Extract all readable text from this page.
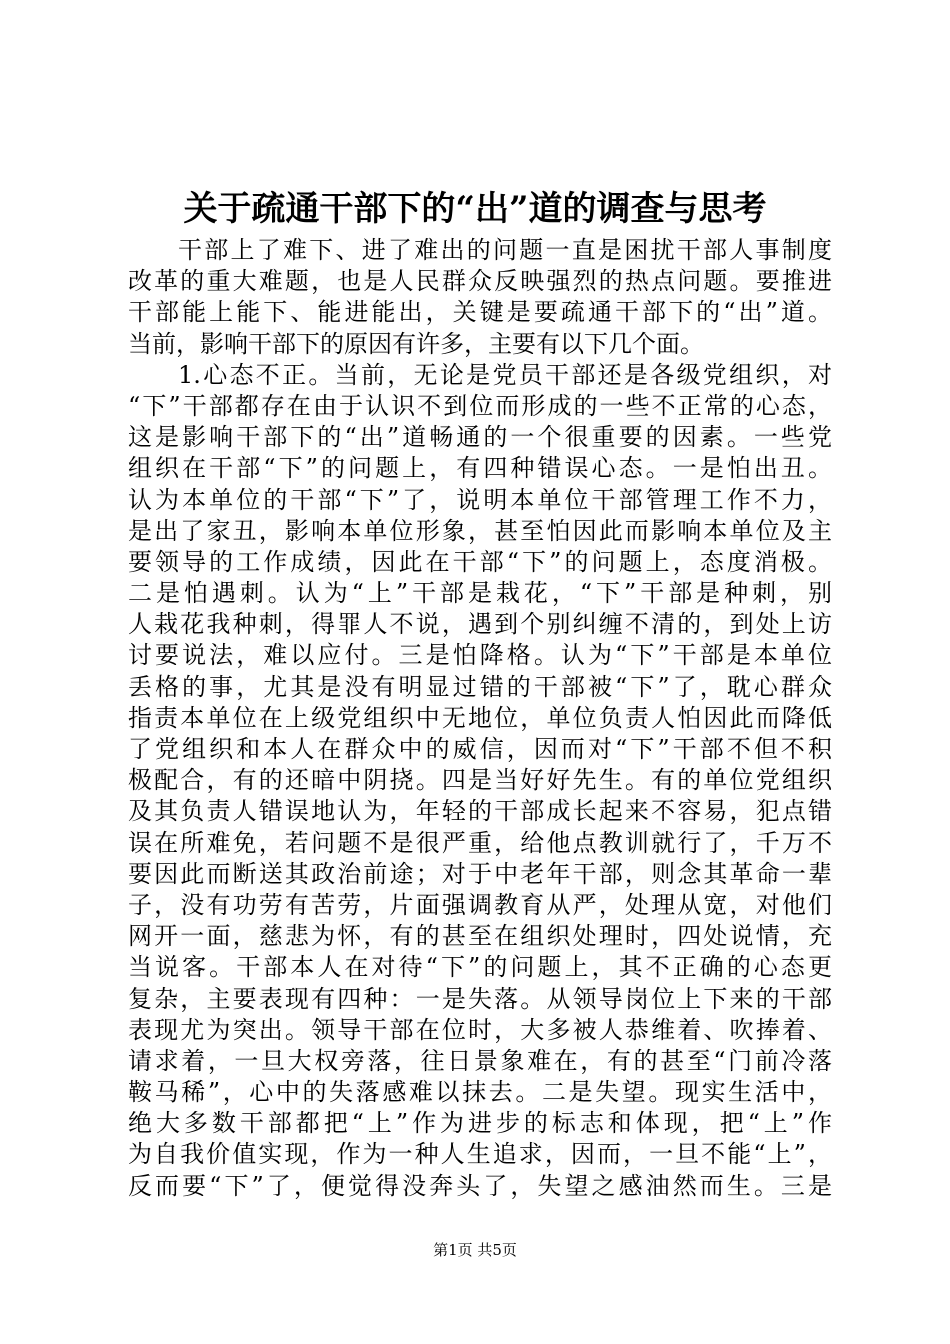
关于疏通干部下的“出”道的调查与思考
干部上了难下、进了难出的问题一直是困扰干部人事制度
改革的重大难题，也是人民群众反映强烈的热点问题。要推进
干部能上能下、能进能出，关键是要疏通干部下的“出”道。
当前，影响干部下的原因有许多，主要有以下几个面。
1.心态不正。当前，无论是党员干部还是各级党组织，对
“下”干部都存在由于认识不到位而形成的一些不正常的心态，
这是影响干部下的“出”道畅通的一个很重要的因素。一些党
组织在干部“下”的问题上，有四种错误心态。一是怕出丑。
认为本单位的干部“下”了，说明本单位干部管理工作不力，
是出了家丑，影响本单位形象，甚至怕因此而影响本单位及主
要领导的工作成绩，因此在干部“下”的问题上，态度消极。
二是怕遇刺。认为“上”干部是栽花，“下”干部是种刺，别
人栽花我种刺，得罪人不说，遇到个别纠缠不清的，到处上访
讨要说法，难以应付。三是怕降格。认为“下”干部是本单位
丢格的事，尤其是没有明显过错的干部被“下”了，耽心群众
指责本单位在上级党组织中无地位，单位负责人怕因此而降低
了党组织和本人在群众中的威信，因而对“下”干部不但不积
极配合，有的还暗中阴挠。四是当好好先生。有的单位党组织
及其负责人错误地认为，年轻的干部成长起来不容易，犯点错
误在所难免，若问题不是很严重，给他点教训就行了，千万不
要因此而断送其政治前途；对于中老年干部，则念其革命一辈
子，没有功劳有苦劳，片面强调教育从严，处理从宽，对他们
网开一面，慈悲为怀，有的甚至在组织处理时，四处说情，充
当说客。干部本人在对待“下”的问题上，其不正确的心态更
复杂，主要表现有四种：一是失落。从领导岗位上下来的干部
表现尤为突出。领导干部在位时，大多被人恭维着、吹捧着、
请求着，一旦大权旁落，往日景象难在，有的甚至“门前冷落
鞍马稀”，心中的失落感难以抹去。二是失望。现实生活中，
绝大多数干部都把“上”作为进步的标志和体现，把“上”作
为自我价值实现，作为一种人生追求，因而，一旦不能“上”，
反而要“下”了，便觉得没奔头了，失望之感油然而生。三是
第1页 共5页
